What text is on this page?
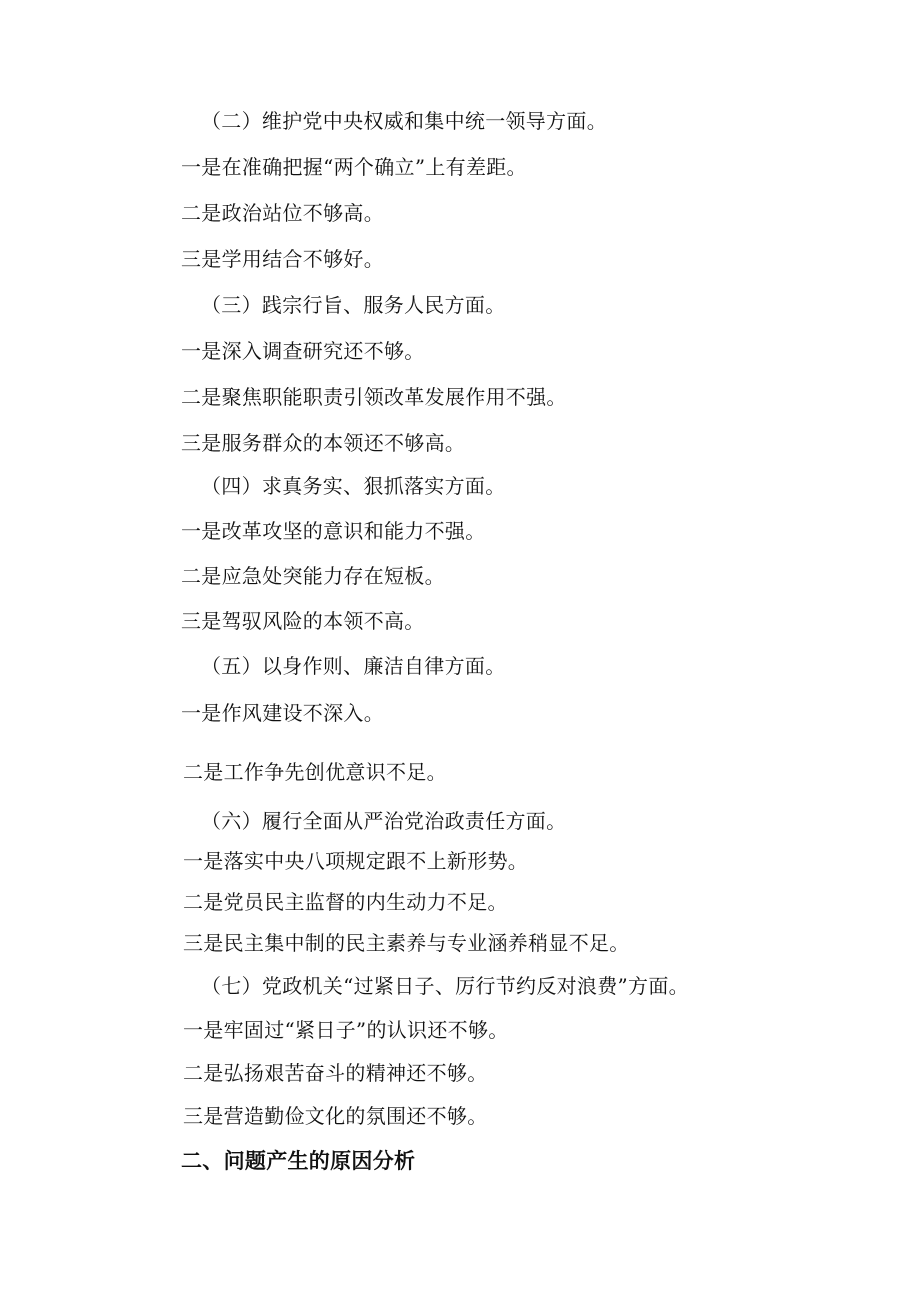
（二）维护党中央权威和集中统一领导方面。
一是在准确把握“两个确立”上有差距。
二是政治站位不够高。
三是学用结合不够好。
（三）践宗行旨、服务人民方面。
一是深入调查研究还不够。
二是聚焦职能职责引领改革发展作用不强。
三是服务群众的本领还不够高。
（四）求真务实、狠抓落实方面。
一是改革攻坚的意识和能力不强。
二是应急处突能力存在短板。
三是驾驭风险的本领不高。
（五）以身作则、廉洁自律方面。
一是作风建设不深入。
二是工作争先创优意识不足。
（六）履行全面从严治党治政责任方面。
一是落实中央八项规定跟不上新形势。
二是党员民主监督的内生动力不足。
三是民主集中制的民主素养与专业涵养稍显不足。
（七）党政机关“过紧日子、厉行节约反对浪费”方面。
一是牢固过“紧日子”的认识还不够。
二是弘扬艰苦奋斗的精神还不够。
三是营造勤俭文化的氛围还不够。
二、问题产生的原因分析
